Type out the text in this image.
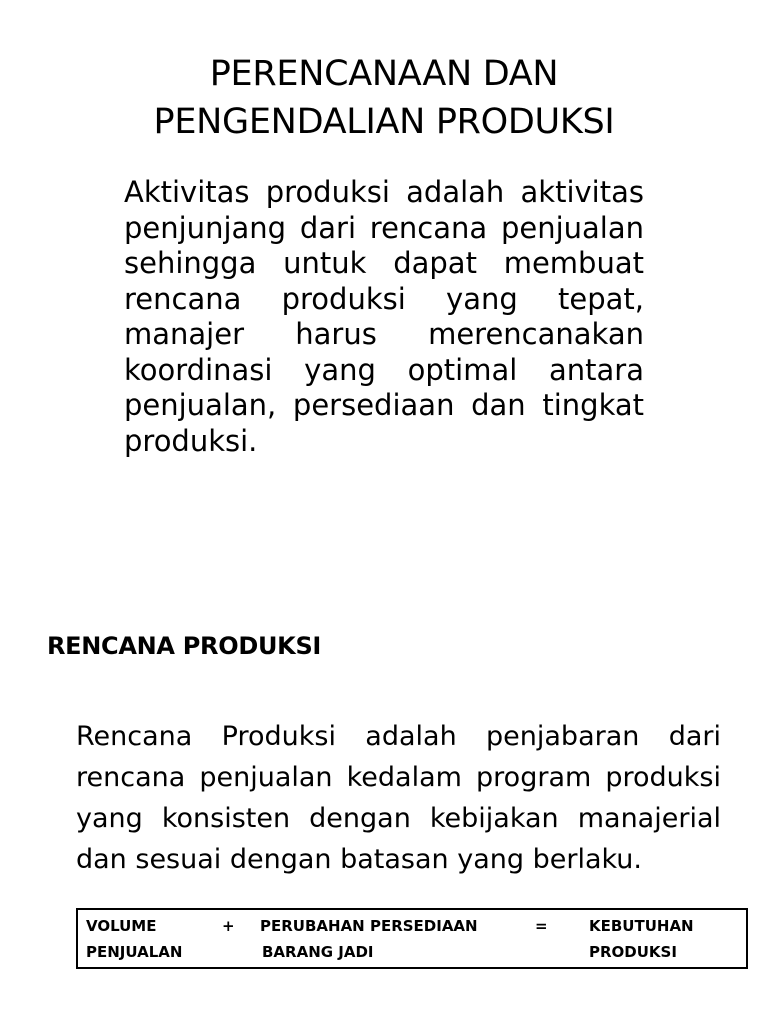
PERENCANAAN DAN
PENGENDALIAN PRODUKSI
Aktivitas produksi adalah aktivitas penjunjang dari rencana penjualan sehingga untuk dapat membuat rencana produksi yang tepat, manajer harus merencanakan koordinasi yang optimal antara penjualan, persediaan dan tingkat produksi.
RENCANA PRODUKSI
Rencana Produksi adalah penjabaran dari rencana penjualan kedalam program produksi yang konsisten dengan kebijakan manajerial dan sesuai dengan batasan yang berlaku.
VOLUME	+ PERUBAHAN PERSEDIAAN	=	KEBUTUHAN
PENJUALAN	BARANG JADI	PRODUKSI
